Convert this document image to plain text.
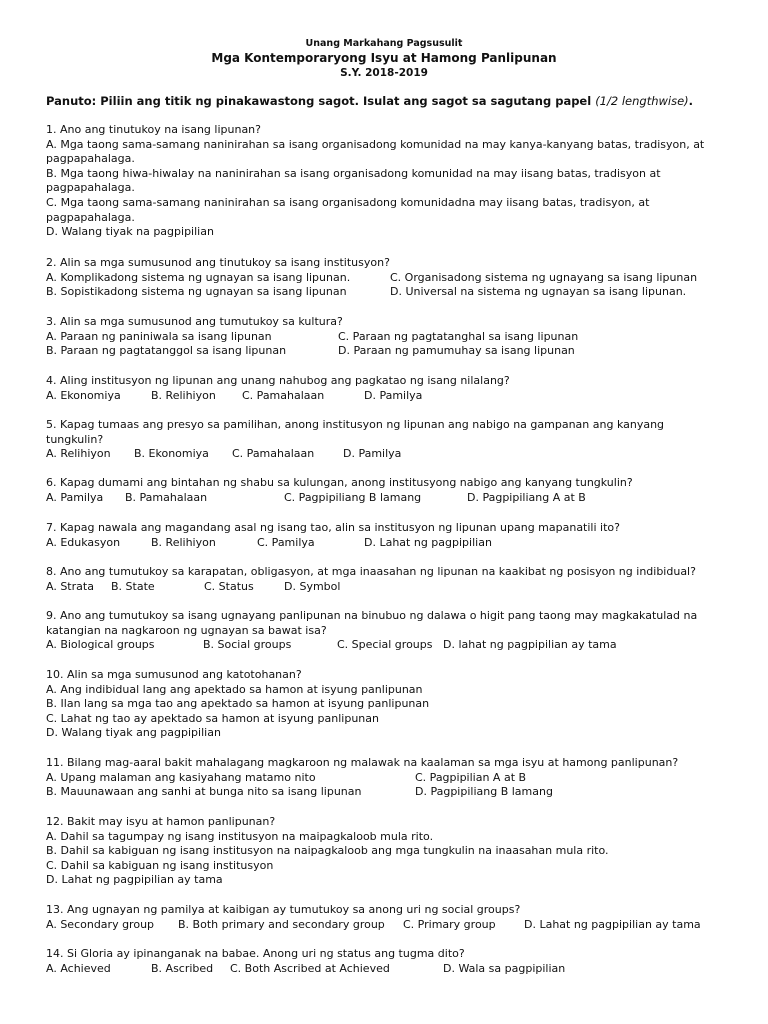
Unang Markahang Pagsusulit
Mga Kontemporaryong Isyu at Hamong Panlipunan
S.Y. 2018-2019
Panuto: Piliin ang titik ng pinakawastong sagot. Isulat ang sagot sa sagutang papel (1/2 lengthwise).
1. Ano ang tinutukoy na isang lipunan?
A. Mga taong sama-samang naninirahan sa isang organisadong komunidad na may kanya-kanyang batas, tradisyon, at pagpapahalaga.
B. Mga taong hiwa-hiwalay na naninirahan sa isang organisadong komunidad na may iisang batas, tradisyon at pagpapahalaga.
C. Mga taong sama-samang naninirahan sa isang organisadong komunidadna may iisang batas, tradisyon, at pagpapahalaga.
D. Walang tiyak na pagpipilian
2. Alin sa mga sumusunod ang tinutukoy sa isang institusyon?
A. Komplikadong sistema ng ugnayan sa isang lipunan.	C. Organisadong sistema ng ugnayang sa isang lipunan
B. Sopistikadong sistema ng ugnayan sa isang lipunan	D. Universal na sistema ng ugnayan sa isang lipunan.
3. Alin sa mga sumusunod ang tumutukoy sa kultura?
A. Paraan ng paniniwala sa isang lipunan	C. Paraan ng pagtatanghal sa isang lipunan
B. Paraan ng pagtatanggol sa isang lipunan	D. Paraan ng pamumuhay sa isang lipunan
4. Aling institusyon ng lipunan ang unang nahubog ang pagkatao ng isang nilalang?
A. Ekonomiya	B. Relihiyon C. Pamahalaan	D. Pamilya
5. Kapag tumaas ang presyo sa pamilihan, anong institusyon ng lipunan ang nabigo na gampanan ang kanyang tungkulin?
A. Relihiyon B. Ekonomiya C. Pamahalaan	D. Pamilya
6. Kapag dumami ang bintahan ng shabu sa kulungan, anong institusyong nabigo ang kanyang tungkulin?
A. Pamilya B. Pamahalaan	C. Pagpipiliang B lamang	D. Pagpipiliang A at B
7. Kapag nawala ang magandang asal ng isang tao, alin sa institusyon ng lipunan upang mapanatili ito?
A. Edukasyon	B. Relihiyon	C. Pamilya	D. Lahat ng pagpipilian
8. Ano ang tumutukoy sa karapatan, obligasyon, at mga inaasahan ng lipunan na kaakibat ng posisyon ng indibidual?
A. Strata B. State	C. Status	D. Symbol
9. Ano ang tumutukoy sa isang ugnayang panlipunan na binubuo ng dalawa o higit pang taong may magkakatulad na katangian na nagkaroon ng ugnayan sa bawat isa?
A. Biological groups	B. Social groups	C. Special groups D. lahat ng pagpipilian ay tama
10. Alin sa mga sumusunod ang katotohanan?
A. Ang indibidual lang ang apektado sa hamon at isyung panlipunan
B. Ilan lang sa mga tao ang apektado sa hamon at isyung panlipunan
C. Lahat ng tao ay apektado sa hamon at isyung panlipunan
D. Walang tiyak ang pagpipilian
11. Bilang mag-aaral bakit mahalagang magkaroon ng malawak na kaalaman sa mga isyu at hamong panlipunan?
A. Upang malaman ang kasiyahang matamo nito	C. Pagpipilian A at B
B. Mauunawaan ang sanhi at bunga nito sa isang lipunan	D. Pagpipiliang B lamang
12. Bakit may isyu at hamon panlipunan?
A. Dahil sa tagumpay ng isang institusyon na maipagkaloob mula rito.
B. Dahil sa kabiguan ng isang institusyon na naipagkaloob ang mga tungkulin na inaasahan mula rito.
C. Dahil sa kabiguan ng isang institusyon
D. Lahat ng pagpipilian ay tama
13. Ang ugnayan ng pamilya at kaibigan ay tumutukoy sa anong uri ng social groups?
A. Secondary group B. Both primary and secondary group C. Primary group	D. Lahat ng pagpipilian ay tama
14. Si Gloria ay ipinanganak na babae. Anong uri ng status ang tugma dito?
A. Achieved	B. Ascribed C. Both Ascribed at Achieved	D. Wala sa pagpipilian
